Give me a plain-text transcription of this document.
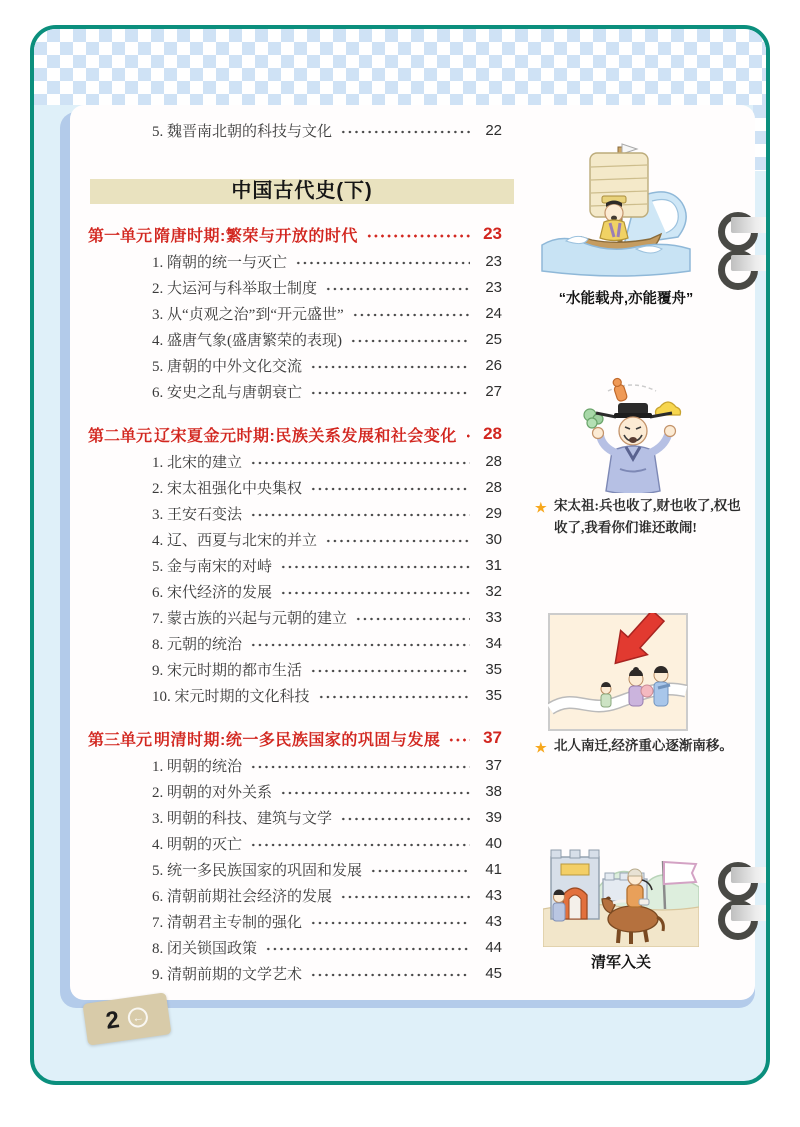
5. 魏晋南北朝的科技与文化	22
中国古代史(下)
第一单元 隋唐时期:繁荣与开放的时代	23
1. 隋朝的统一与灭亡	23
2. 大运河与科举取士制度	23
3. 从“贞观之治”到“开元盛世”	24
4. 盛唐气象(盛唐繁荣的表现)	25
5. 唐朝的中外文化交流	26
6. 安史之乱与唐朝衰亡	27
第二单元 辽宋夏金元时期:民族关系发展和社会变化	28
1. 北宋的建立	28
2. 宋太祖强化中央集权	28
3. 王安石变法	29
4. 辽、西夏与北宋的并立	30
5. 金与南宋的对峙	31
6. 宋代经济的发展	32
7. 蒙古族的兴起与元朝的建立	33
8. 元朝的统治	34
9. 宋元时期的都市生活	35
10. 宋元时期的文化科技	35
第三单元 明清时期:统一多民族国家的巩固与发展	37
1. 明朝的统治	37
2. 明朝的对外关系	38
3. 明朝的科技、建筑与文学	39
4. 明朝的灭亡	40
5. 统一多民族国家的巩固和发展	41
6. 清朝前期社会经济的发展	43
7. 清朝君主专制的强化	43
8. 闭关锁国政策	44
9. 清朝前期的文学艺术	45
“水能载舟,亦能覆舟”
★ 宋太祖:兵也收了,财也收了,权也收了,我看你们谁还敢闹!
★ 北人南迁,经济重心逐渐南移。
清军入关
2 ←
